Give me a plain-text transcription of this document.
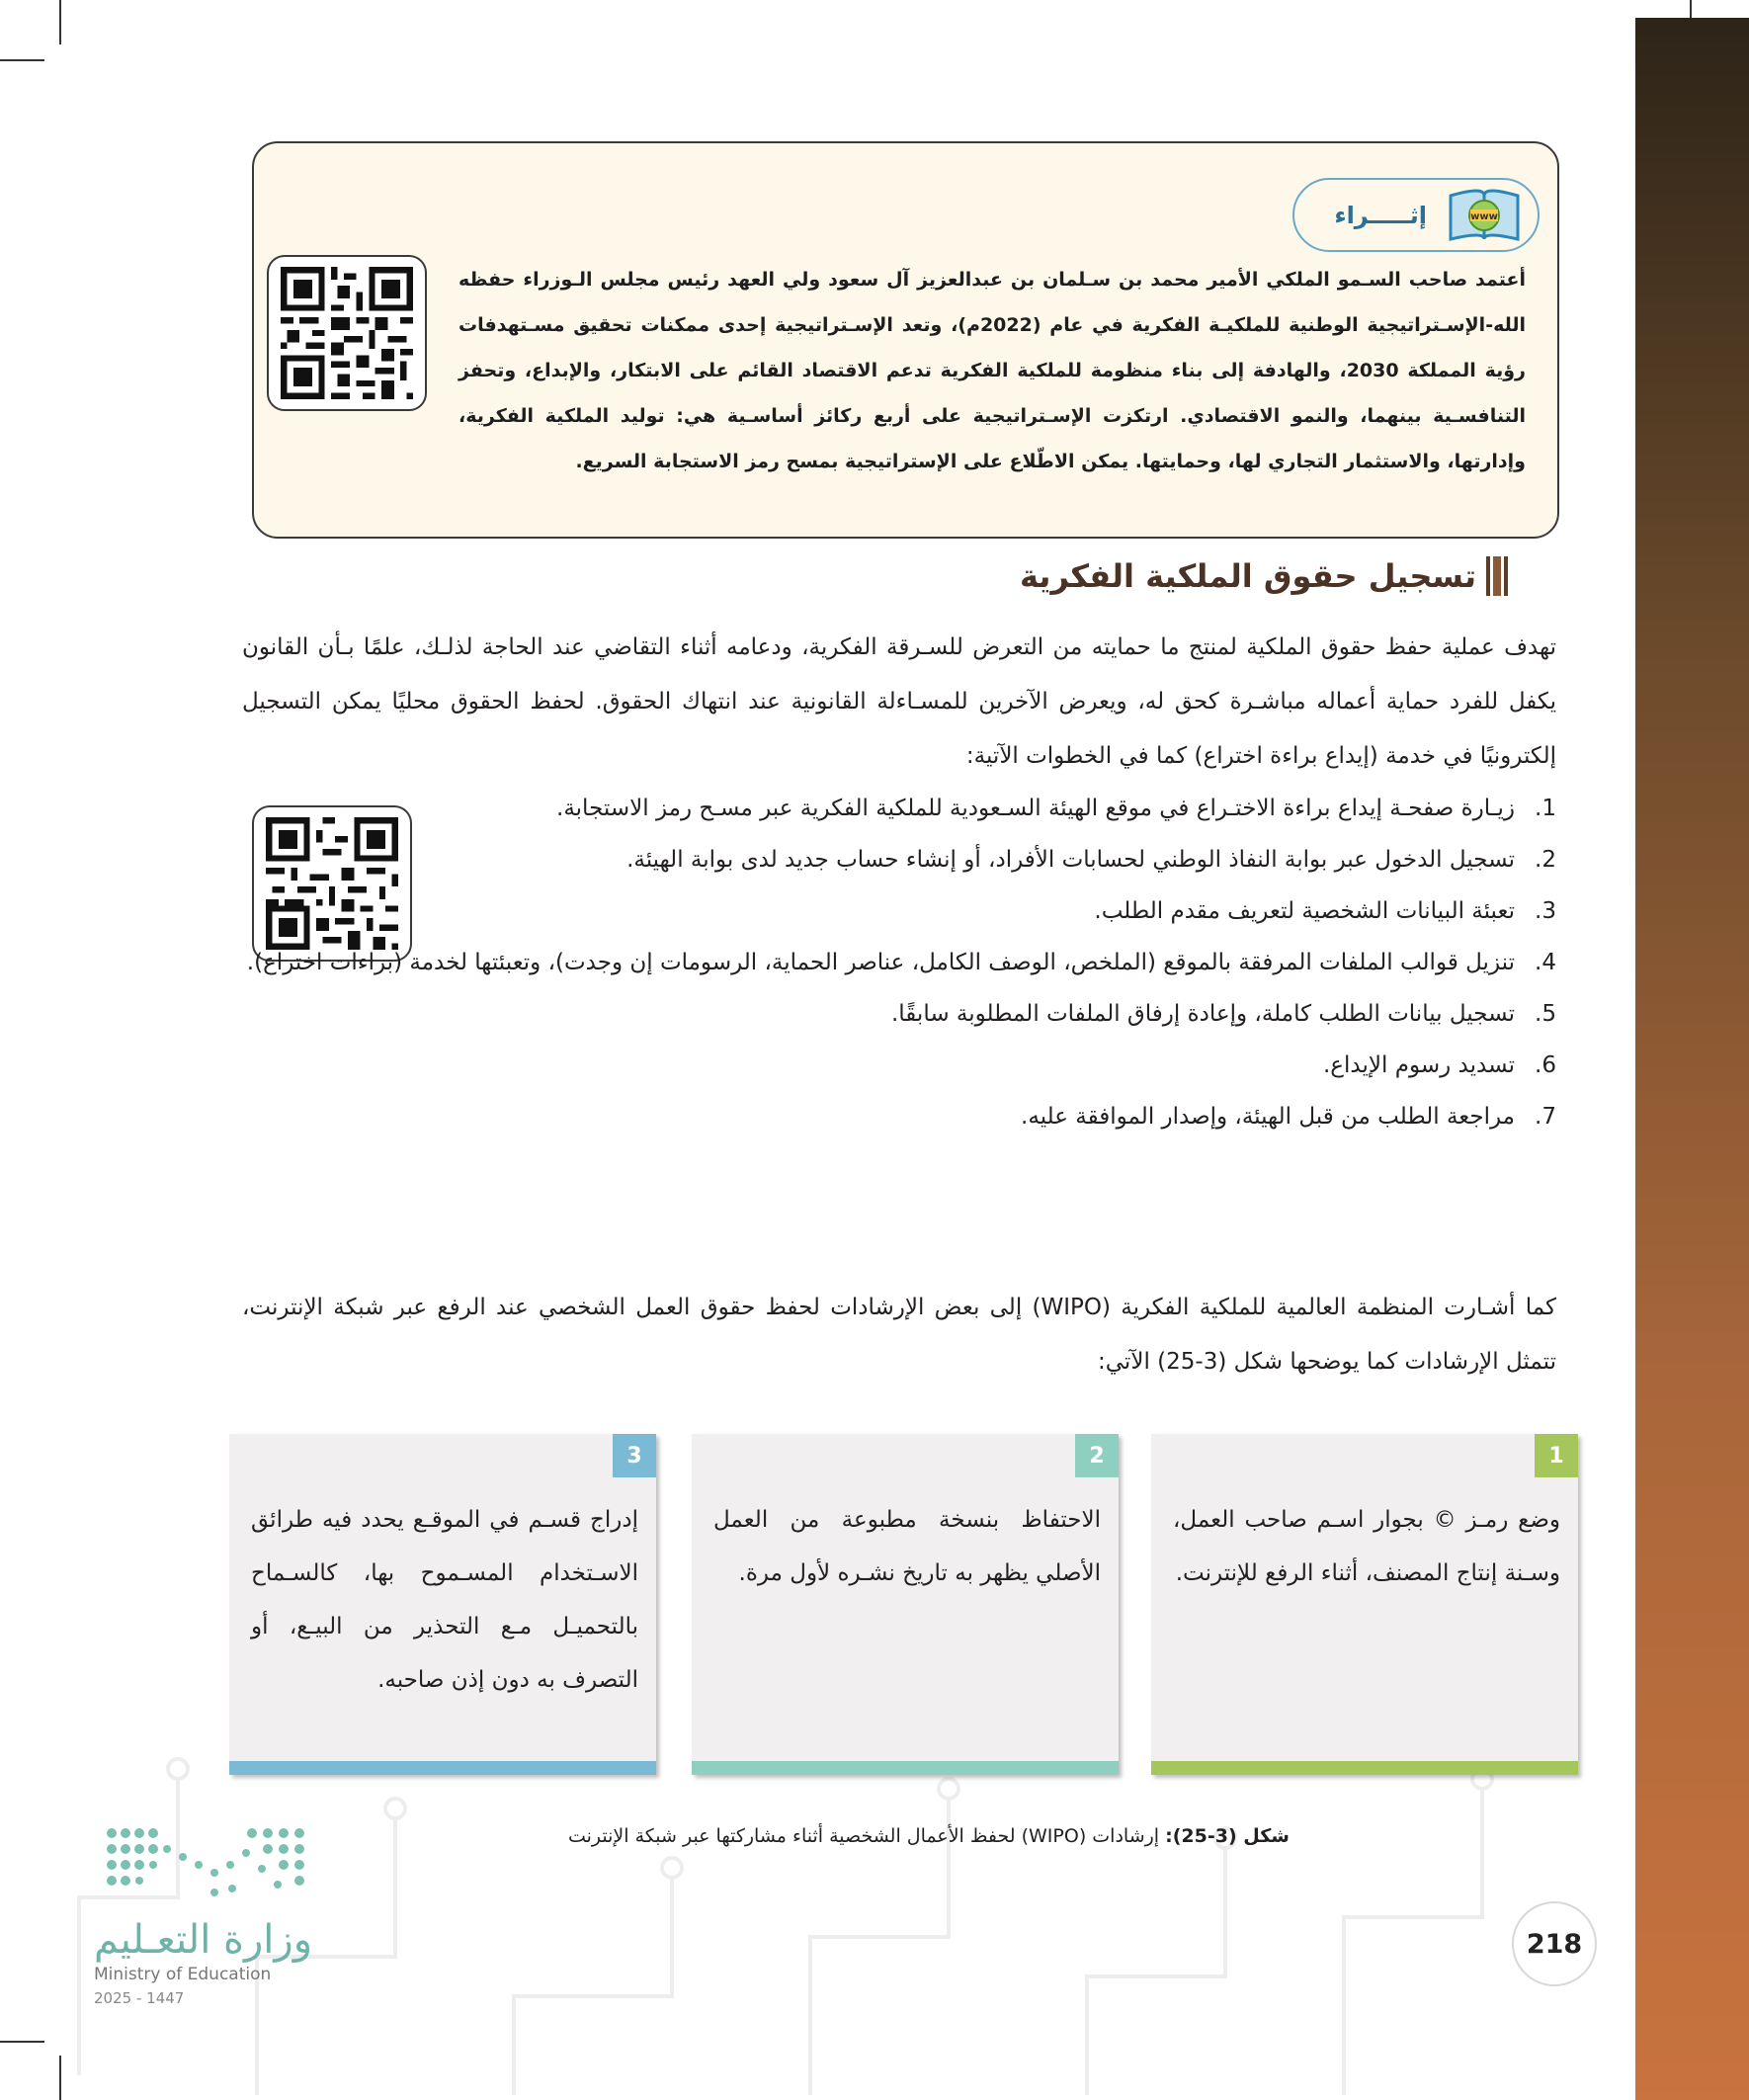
www
إثـــــراء

أعتمد صاحب السـمو الملكي الأمير محمد بن سـلمان بن عبدالعزيز آل سعود ولي العهد رئيس مجلس الـوزراء حفظه الله-الإسـتراتيجية الوطنية للملكيـة الفكرية في عام (2022م)، وتعد الإسـتراتيجية إحدى ممكنات تحقيق مسـتهدفات رؤية المملكة 2030، والهادفة إلى بناء منظومة للملكية الفكرية تدعم الاقتصاد القائم على الابتكار، والإبداع، وتحفز التنافسـية بينهما، والنمو الاقتصادي. ارتكزت الإسـتراتيجية على أربع ركائز أساسـية هي: توليد الملكية الفكرية، وإدارتها، والاستثمار التجاري لها، وحمايتها. يمكن الاطّلاع على الإستراتيجية بمسح رمز الاستجابة السريع.

تسجيل حقوق الملكية الفكرية

تهدف عملية حفظ حقوق الملكية لمنتج ما حمايته من التعرض للسـرقة الفكرية، ودعامه أثناء التقاضي عند الحاجة لذلـك، علمًا بـأن القانون يكفل للفرد حماية أعماله مباشـرة كحق له، ويعرض الآخرين للمسـاءلة القانونية عند انتهاك الحقوق. لحفظ الحقوق محليًا يمكن التسجيل إلكترونيًا في خدمة (إيداع براءة اختراع) كما في الخطوات الآتية:

1.
زيـارة صفحـة إيداع براءة الاختـراع في موقع الهيئة السـعودية للملكية الفكرية عبر مسـح رمز الاستجابة.
2.
تسجيل الدخول عبر بوابة النفاذ الوطني لحسابات الأفراد، أو إنشاء حساب جديد لدى بوابة الهيئة.
3.
تعبئة البيانات الشخصية لتعريف مقدم الطلب.
4.
تنزيل قوالب الملفات المرفقة بالموقع (الملخص، الوصف الكامل، عناصر الحماية، الرسومات إن وجدت)، وتعبئتها لخدمة (براءات اختراع).
5.
تسجيل بيانات الطلب كاملة، وإعادة إرفاق الملفات المطلوبة سابقًا.
6.
تسديد رسوم الإيداع.
7.
مراجعة الطلب من قبل الهيئة، وإصدار الموافقة عليه.

كما أشـارت المنظمة العالمية للملكية الفكرية (WIPO) إلى بعض الإرشادات لحفظ حقوق العمل الشخصي عند الرفع عبر شبكة الإنترنت، تتمثل الإرشادات كما يوضحها شكل (3-25) الآتي:

1

وضع رمـز © بجوار اسـم صاحب العمل، وسـنة إنتاج المصنف، أثناء الرفع للإنترنت.

2

الاحتفاظ بنسخة مطبوعة من العمل الأصلي يظهر به تاريخ نشـره لأول مرة.

3

إدراج قسـم في الموقـع يحدد فيه طرائق الاسـتخدام المسـموح بها، كالسـماح بالتحميـل مـع التحذير من البيـع، أو التصرف به دون إذن صاحبه.

شكل (3-25): إرشادات (WIPO) لحفظ الأعمال الشخصية أثناء مشاركتها عبر شبكة الإنترنت
وزارة التعـليم
Ministry of Education
2025 - 1447
218
